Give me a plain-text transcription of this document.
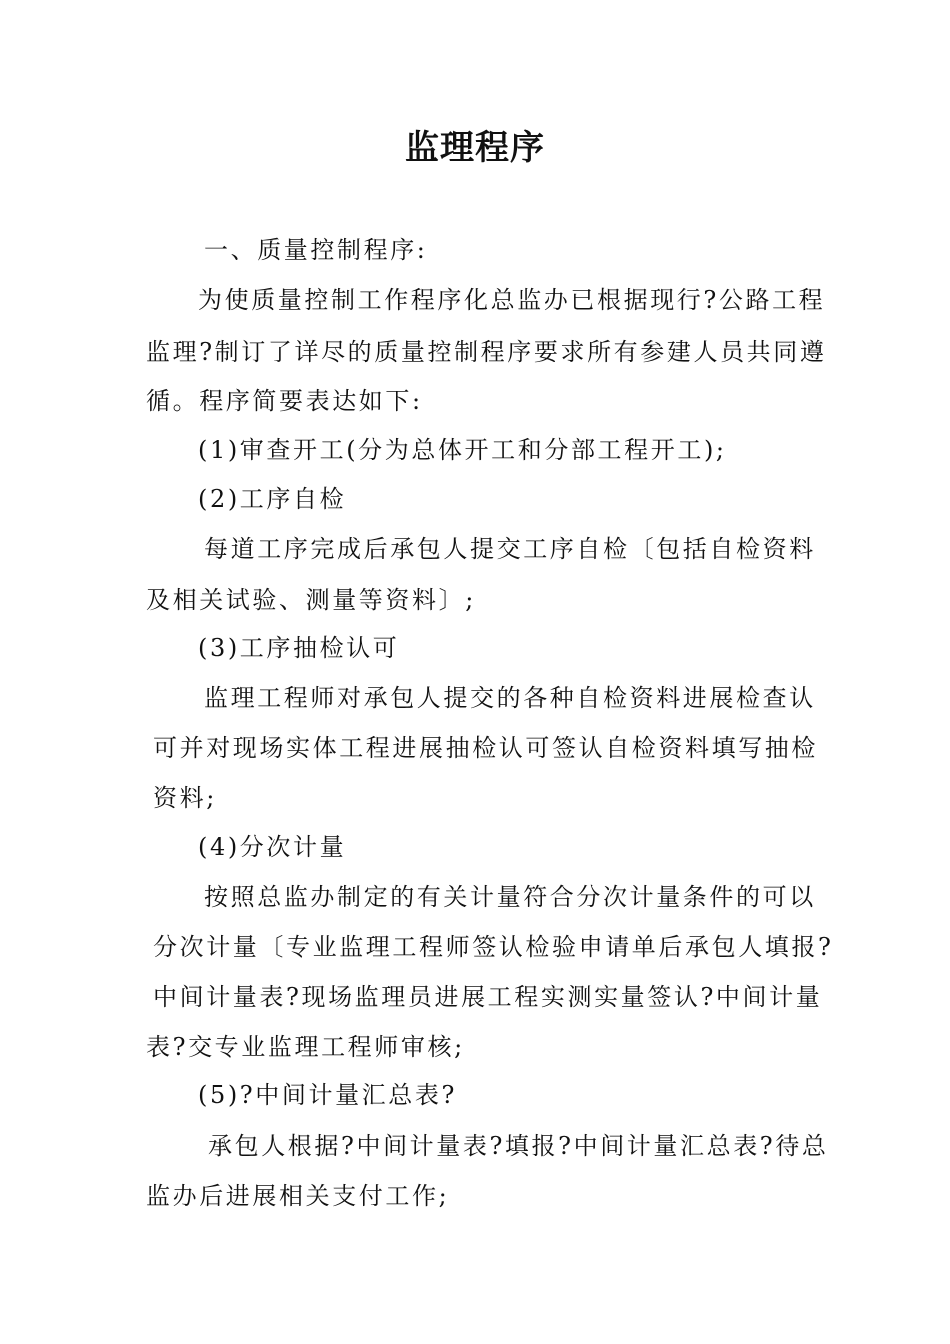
监理程序
一、质量控制程序:
为使质量控制工作程序化总监办已根据现行?公路工程
监理?制订了详尽的质量控制程序要求所有参建人员共同遵
循。程序简要表达如下:
(1)审查开工(分为总体开工和分部工程开工);
(2)工序自检
每道工序完成后承包人提交工序自检〔包括自检资料
及相关试验、测量等资料〕;
(3)工序抽检认可
监理工程师对承包人提交的各种自检资料进展检查认
可并对现场实体工程进展抽检认可签认自检资料填写抽检
资料;
(4)分次计量
按照总监办制定的有关计量符合分次计量条件的可以
分次计量〔专业监理工程师签认检验申请单后承包人填报?
中间计量表?现场监理员进展工程实测实量签认?中间计量
表?交专业监理工程师审核;
(5)?中间计量汇总表?
承包人根据?中间计量表?填报?中间计量汇总表?待总
监办后进展相关支付工作;
